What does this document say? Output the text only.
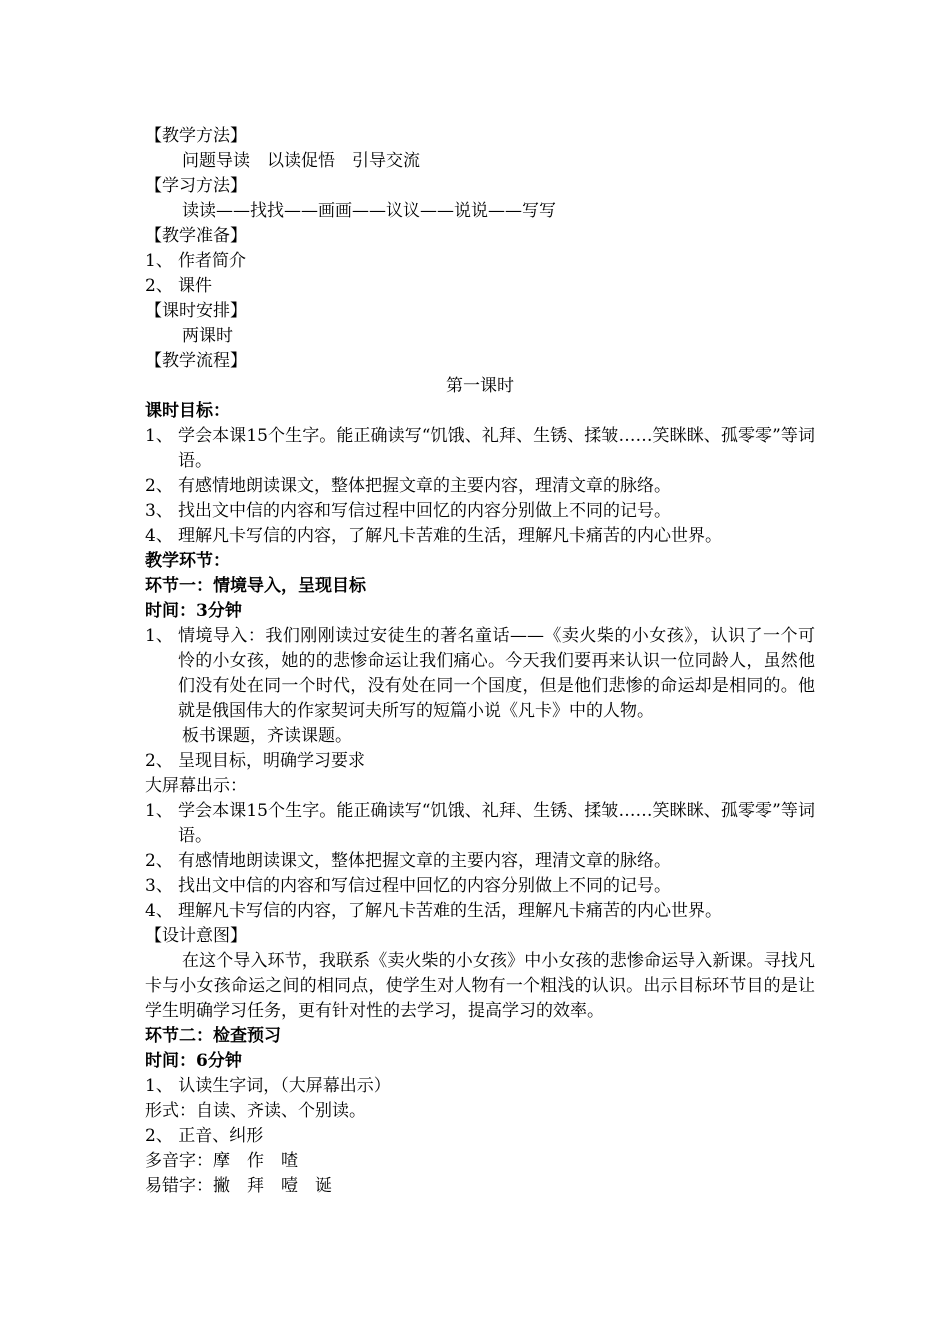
【教学方法】
问题导读　以读促悟　引导交流
【学习方法】
读读——找找——画画——议议——说说——写写
【教学准备】
1、 作者简介
2、 课件
【课时安排】
两课时
【教学流程】
第一课时
课时目标：
1、 学会本课15个生字。能正确读写“饥饿、礼拜、生锈、揉皱……笑眯眯、孤零零”等词语。
2、 有感情地朗读课文，整体把握文章的主要内容，理清文章的脉络。
3、 找出文中信的内容和写信过程中回忆的内容分别做上不同的记号。
4、 理解凡卡写信的内容，了解凡卡苦难的生活，理解凡卡痛苦的内心世界。
教学环节：
环节一：情境导入，呈现目标
时间：3分钟
1、 情境导入：我们刚刚读过安徒生的著名童话——《卖火柴的小女孩》，认识了一个可怜的小女孩，她的的悲惨命运让我们痛心。今天我们要再来认识一位同龄人，虽然他们没有处在同一个时代，没有处在同一个国度，但是他们悲惨的命运却是相同的。他就是俄国伟大的作家契诃夫所写的短篇小说《凡卡》中的人物。
板书课题，齐读课题。
2、 呈现目标，明确学习要求
大屏幕出示：
1、 学会本课15个生字。能正确读写“饥饿、礼拜、生锈、揉皱……笑眯眯、孤零零”等词语。
2、 有感情地朗读课文，整体把握文章的主要内容，理清文章的脉络。
3、 找出文中信的内容和写信过程中回忆的内容分别做上不同的记号。
4、 理解凡卡写信的内容，了解凡卡苦难的生活，理解凡卡痛苦的内心世界。
【设计意图】
在这个导入环节，我联系《卖火柴的小女孩》中小女孩的悲惨命运导入新课。寻找凡卡与小女孩命运之间的相同点，使学生对人物有一个粗浅的认识。出示目标环节目的是让学生明确学习任务，更有针对性的去学习，提高学习的效率。
环节二：检查预习
时间：6分钟
1、 认读生字词，（大屏幕出示）
形式：自读、齐读、个别读。
2、 正音、纠形
多音字：摩　作　喳
易错字：撇　拜　噎　诞
